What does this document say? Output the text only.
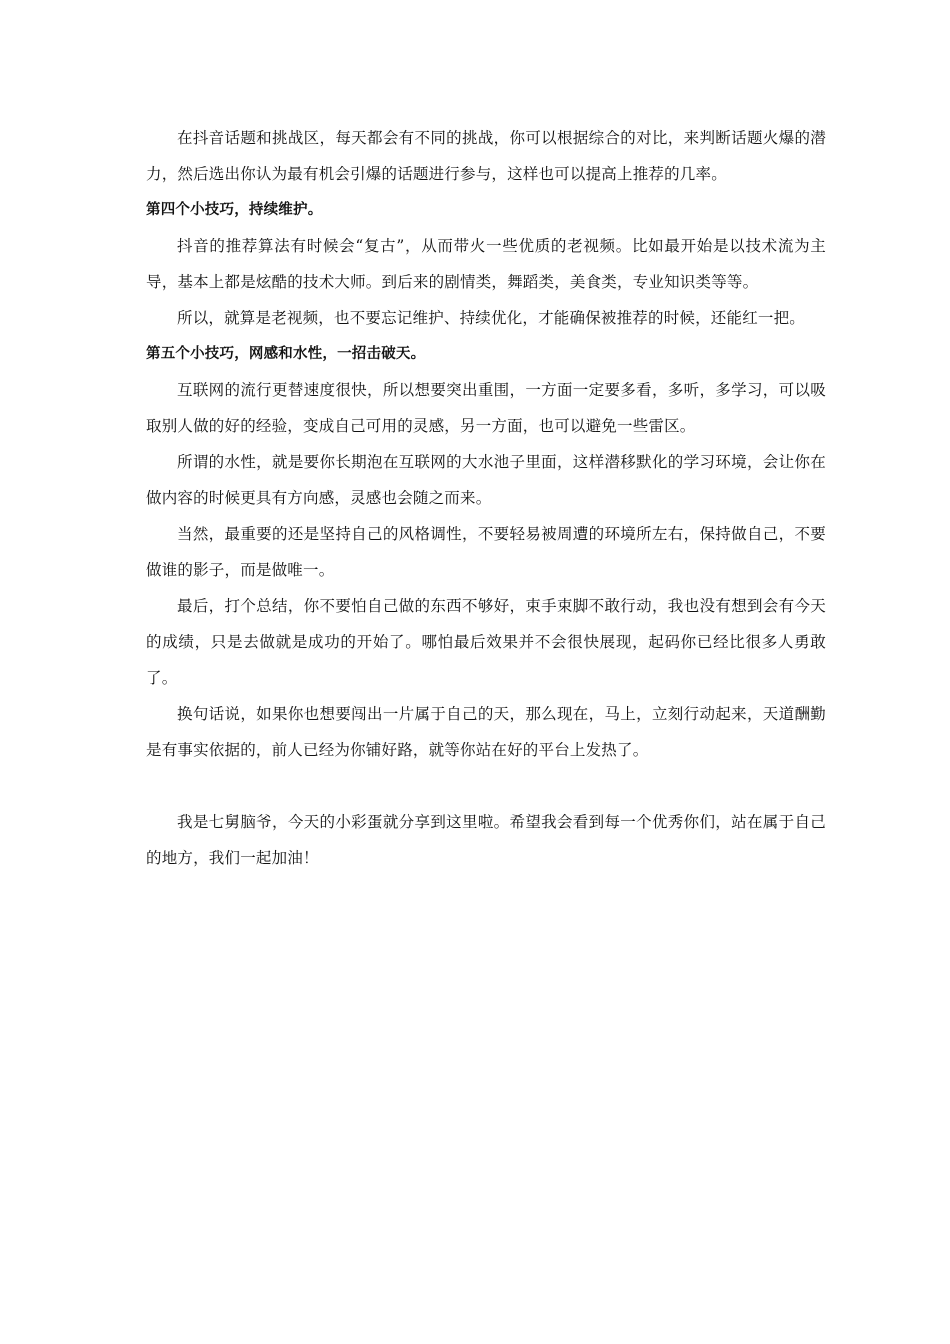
在抖音话题和挑战区，每天都会有不同的挑战，你可以根据综合的对比，来判断话题火爆的潜力，然后选出你认为最有机会引爆的话题进行参与，这样也可以提高上推荐的几率。

第四个小技巧，持续维护。

抖音的推荐算法有时候会“复古”，从而带火一些优质的老视频。比如最开始是以技术流为主导，基本上都是炫酷的技术大师。到后来的剧情类，舞蹈类，美食类，专业知识类等等。

所以，就算是老视频，也不要忘记维护、持续优化，才能确保被推荐的时候，还能红一把。

第五个小技巧，网感和水性，一招击破天。

互联网的流行更替速度很快，所以想要突出重围，一方面一定要多看，多听，多学习，可以吸取别人做的好的经验，变成自己可用的灵感，另一方面，也可以避免一些雷区。

所谓的水性，就是要你长期泡在互联网的大水池子里面，这样潜移默化的学习环境，会让你在做内容的时候更具有方向感，灵感也会随之而来。

当然，最重要的还是坚持自己的风格调性，不要轻易被周遭的环境所左右，保持做自己，不要做谁的影子，而是做唯一。

最后，打个总结，你不要怕自己做的东西不够好，束手束脚不敢行动，我也没有想到会有今天的成绩，只是去做就是成功的开始了。哪怕最后效果并不会很快展现，起码你已经比很多人勇敢了。

换句话说，如果你也想要闯出一片属于自己的天，那么现在，马上，立刻行动起来，天道酬勤是有事实依据的，前人已经为你铺好路，就等你站在好的平台上发热了。

我是七舅脑爷，今天的小彩蛋就分享到这里啦。希望我会看到每一个优秀你们，站在属于自己的地方，我们一起加油！
